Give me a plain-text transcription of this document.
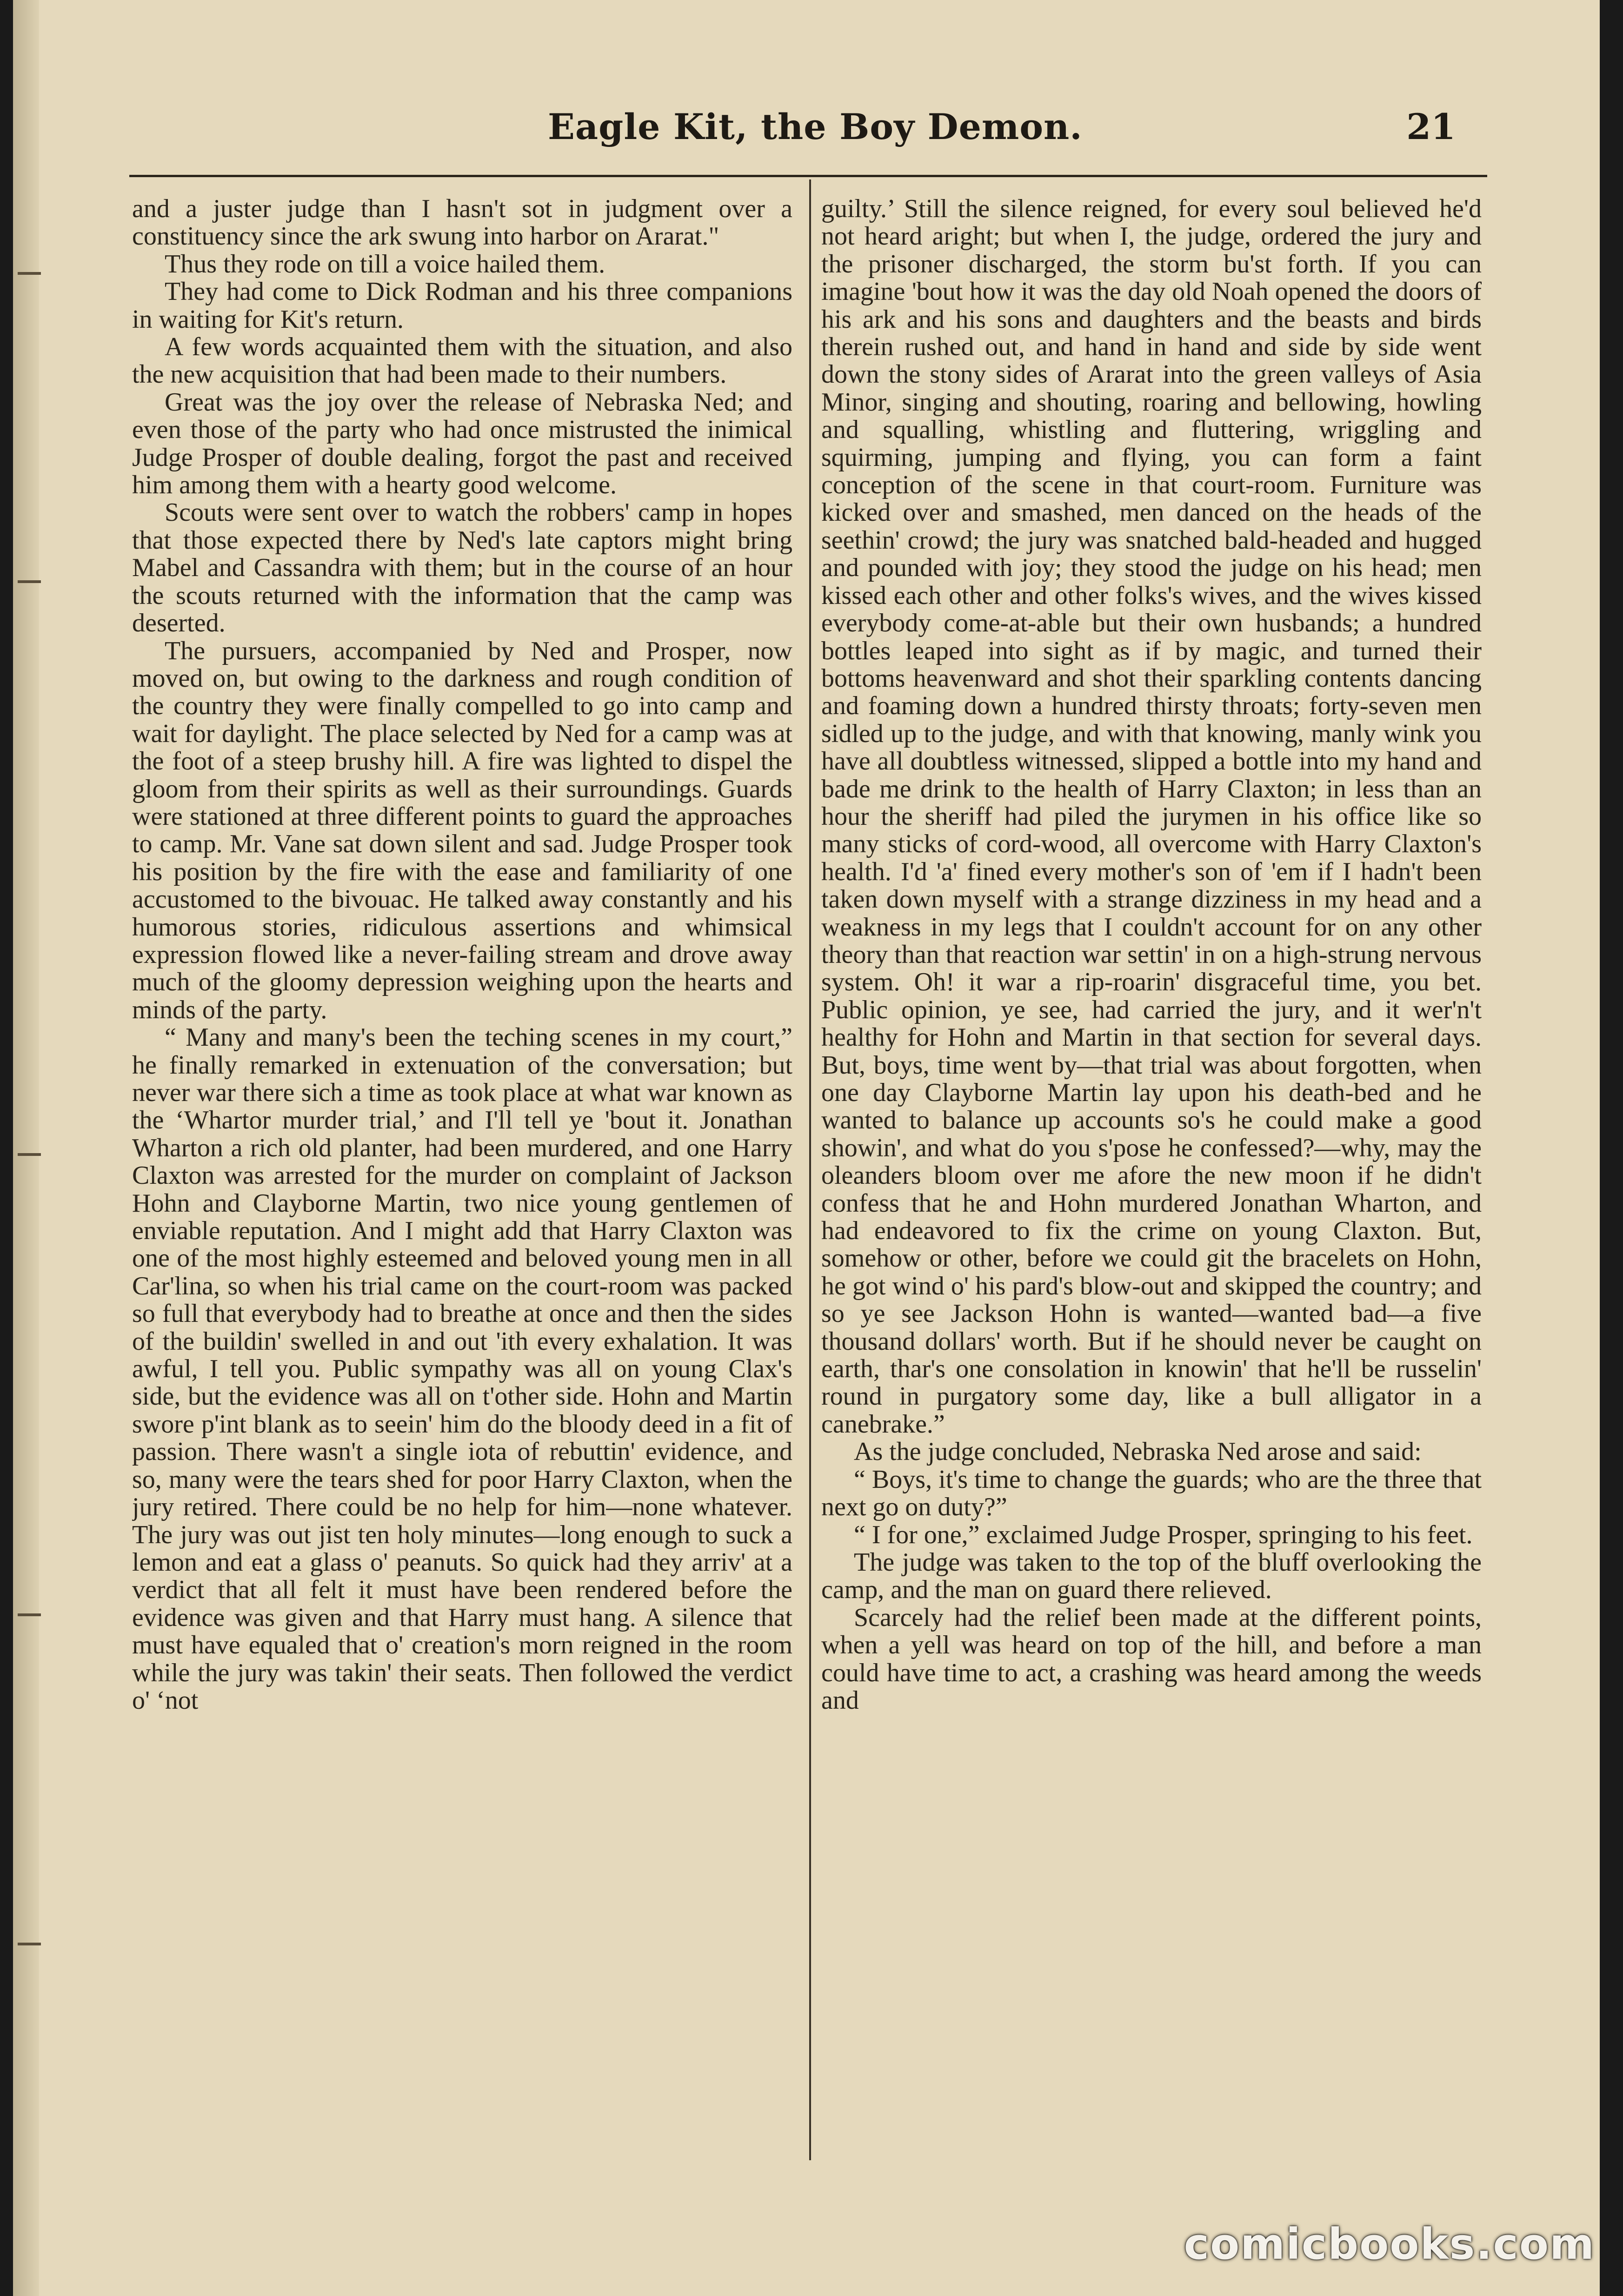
Eagle Kit, the Boy Demon.	21

and a juster judge than I hasn't sot in judgment over a constituency since the ark swung into harbor on Ararat."

Thus they rode on till a voice hailed them.

They had come to Dick Rodman and his three companions in waiting for Kit's return.

A few words acquainted them with the situation, and also the new acquisition that had been made to their numbers.

Great was the joy over the release of Nebraska Ned; and even those of the party who had once mistrusted the inimical Judge Prosper of double dealing, forgot the past and received him among them with a hearty good welcome.

Scouts were sent over to watch the robbers' camp in hopes that those expected there by Ned's late captors might bring Mabel and Cassandra with them; but in the course of an hour the scouts returned with the information that the camp was deserted.

The pursuers, accompanied by Ned and Prosper, now moved on, but owing to the darkness and rough condition of the country they were finally compelled to go into camp and wait for daylight. The place selected by Ned for a camp was at the foot of a steep brushy hill. A fire was lighted to dispel the gloom from their spirits as well as their surroundings. Guards were stationed at three different points to guard the approaches to camp. Mr. Vane sat down silent and sad. Judge Prosper took his position by the fire with the ease and familiarity of one accustomed to the bivouac. He talked away constantly and his humorous stories, ridiculous assertions and whimsical expression flowed like a never-failing stream and drove away much of the gloomy depression weighing upon the hearts and minds of the party.

“ Many and many's been the teching scenes in my court,” he finally remarked in extenuation of the conversation; but never war there sich a time as took place at what war known as the ‘Whartor murder trial,’ and I'll tell ye 'bout it. Jonathan Wharton a rich old planter, had been murdered, and one Harry Claxton was arrested for the murder on complaint of Jackson Hohn and Clayborne Martin, two nice young gentlemen of enviable reputation. And I might add that Harry Claxton was one of the most highly esteemed and beloved young men in all Car'lina, so when his trial came on the court-room was packed so full that everybody had to breathe at once and then the sides of the buildin' swelled in and out 'ith every exhalation. It was awful, I tell you. Public sympathy was all on young Clax's side, but the evidence was all on t'other side. Hohn and Martin swore p'int blank as to seein' him do the bloody deed in a fit of passion. There wasn't a single iota of rebuttin' evidence, and so, many were the tears shed for poor Harry Claxton, when the jury retired. There could be no help for him—none whatever. The jury was out jist ten holy minutes—long enough to suck a lemon and eat a glass o' peanuts. So quick had they arriv' at a verdict that all felt it must have been rendered before the evidence was given and that Harry must hang. A silence that must have equaled that o' creation's morn reigned in the room while the jury was takin' their seats. Then followed the verdict o' ‘not

guilty.’ Still the silence reigned, for every soul believed he'd not heard aright; but when I, the judge, ordered the jury and the prisoner discharged, the storm bu'st forth. If you can imagine 'bout how it was the day old Noah opened the doors of his ark and his sons and daughters and the beasts and birds therein rushed out, and hand in hand and side by side went down the stony sides of Ararat into the green valleys of Asia Minor, singing and shouting, roaring and bellowing, howling and squalling, whistling and fluttering, wriggling and squirming, jumping and flying, you can form a faint conception of the scene in that court-room. Furniture was kicked over and smashed, men danced on the heads of the seethin' crowd; the jury was snatched bald-headed and hugged and pounded with joy; they stood the judge on his head; men kissed each other and other folks's wives, and the wives kissed everybody come-at-able but their own husbands; a hundred bottles leaped into sight as if by magic, and turned their bottoms heavenward and shot their sparkling contents dancing and foaming down a hundred thirsty throats; forty-seven men sidled up to the judge, and with that knowing, manly wink you have all doubtless witnessed, slipped a bottle into my hand and bade me drink to the health of Harry Claxton; in less than an hour the sheriff had piled the jurymen in his office like so many sticks of cord-wood, all overcome with Harry Claxton's health. I'd 'a' fined every mother's son of 'em if I hadn't been taken down myself with a strange dizziness in my head and a weakness in my legs that I couldn't account for on any other theory than that reaction war settin' in on a high-strung nervous system. Oh! it war a rip-roarin' disgraceful time, you bet. Public opinion, ye see, had carried the jury, and it wer'n't healthy for Hohn and Martin in that section for several days. But, boys, time went by—that trial was about forgotten, when one day Clayborne Martin lay upon his death-bed and he wanted to balance up accounts so's he could make a good showin', and what do you s'pose he confessed?—why, may the oleanders bloom over me afore the new moon if he didn't confess that he and Hohn murdered Jonathan Wharton, and had endeavored to fix the crime on young Claxton. But, somehow or other, before we could git the bracelets on Hohn, he got wind o' his pard's blow-out and skipped the country; and so ye see Jackson Hohn is wanted—wanted bad—a five thousand dollars' worth. But if he should never be caught on earth, thar's one consolation in knowin' that he'll be russelin' round in purgatory some day, like a bull alligator in a canebrake.”

As the judge concluded, Nebraska Ned arose and said:

“ Boys, it's time to change the guards; who are the three that next go on duty?”

“ I for one,” exclaimed Judge Prosper, springing to his feet.

The judge was taken to the top of the bluff overlooking the camp, and the man on guard there relieved.

Scarcely had the relief been made at the different points, when a yell was heard on top of the hill, and before a man could have time to act, a crashing was heard among the weeds and

comicbooks.com
